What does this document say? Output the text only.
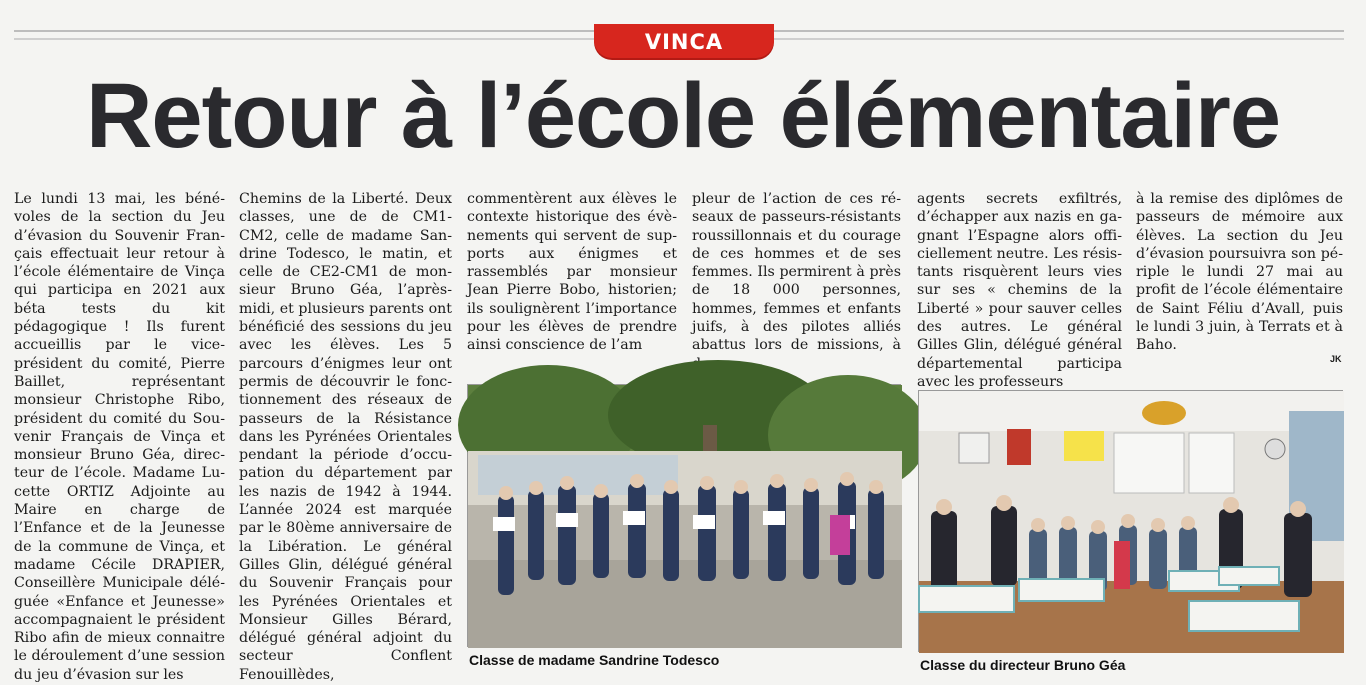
VINCA
Retour à l’école élémentaire
Le lundi 13 mai, les bénévoles de la section du Jeu d’évasion du Souvenir Français effectuait leur retour à l’école élémentaire de Vinça qui participa en 2021 aux béta tests du kit pédagogique ! Ils furent accueillis par le vice-président du comité, Pierre Baillet, représentant monsieur Christophe Ribo, président du comité du Souvenir Français de Vinça et monsieur Bruno Géa, directeur de l’école. Madame Lucette ORTIZ Adjointe au Maire en charge de l’Enfance et de la Jeunesse de la commune de Vinça, et madame Cécile DRAPIER, Conseillère Municipale déléguée «Enfance et Jeunesse» accompagnaient le président Ribo afin de mieux connaitre le déroulement d’une session du jeu d’évasion sur les
Chemins de la Liberté. Deux classes, une de de CM1-CM2, celle de madame Sandrine Todesco, le matin, et celle de CE2-CM1 de monsieur Bruno Géa, l’après-midi, et plusieurs parents ont bénéficié des sessions du jeu avec les élèves. Les 5 parcours d’énigmes leur ont permis de découvrir le fonctionnement des réseaux de passeurs de la Résistance dans les Pyrénées Orientales pendant la période d’occupation du département par les nazis de 1942 à 1944. L’année 2024 est marquée par le 80ème anniversaire de la Libération. Le général Gilles Glin, délégué général du Souvenir Français pour les Pyrénées Orientales et Monsieur Gilles Bérard, délégué général adjoint du secteur Conflent Fenouillèdes,
commentèrent aux élèves le contexte historique des évènements qui servent de supports aux énigmes et rassemblés par monsieur Jean Pierre Bobo, historien; ils soulignèrent l’importance pour les élèves de prendre ainsi conscience de l’am
pleur de l’action de ces réseaux de passeurs-résistants roussillonnais et du courage de ces hommes et de ses femmes. Ils permirent à près de 18 000 personnes, hommes, femmes et enfants juifs, à des pilotes alliés abattus lors de missions, à
agents secrets exfiltrés, d’échapper aux nazis en gagnant l’Espagne alors officiellement neutre. Les résistants risquèrent leurs vies sur ses « chemins de la Liberté » pour sauver celles des autres. Le général Gilles Glin, délégué général départemental participa avec les professeurs
à la remise des diplômes de passeurs de mémoire aux élèves. La section du Jeu d’évasion poursuivra son périple le lundi 27 mai au profit de l’école élémentaire de Saint Féliu d’Avall, puis le lundi 3 juin, à Terrats et à Baho.
JK
Classe de madame Sandrine Todesco	Classe du directeur Bruno Géa
